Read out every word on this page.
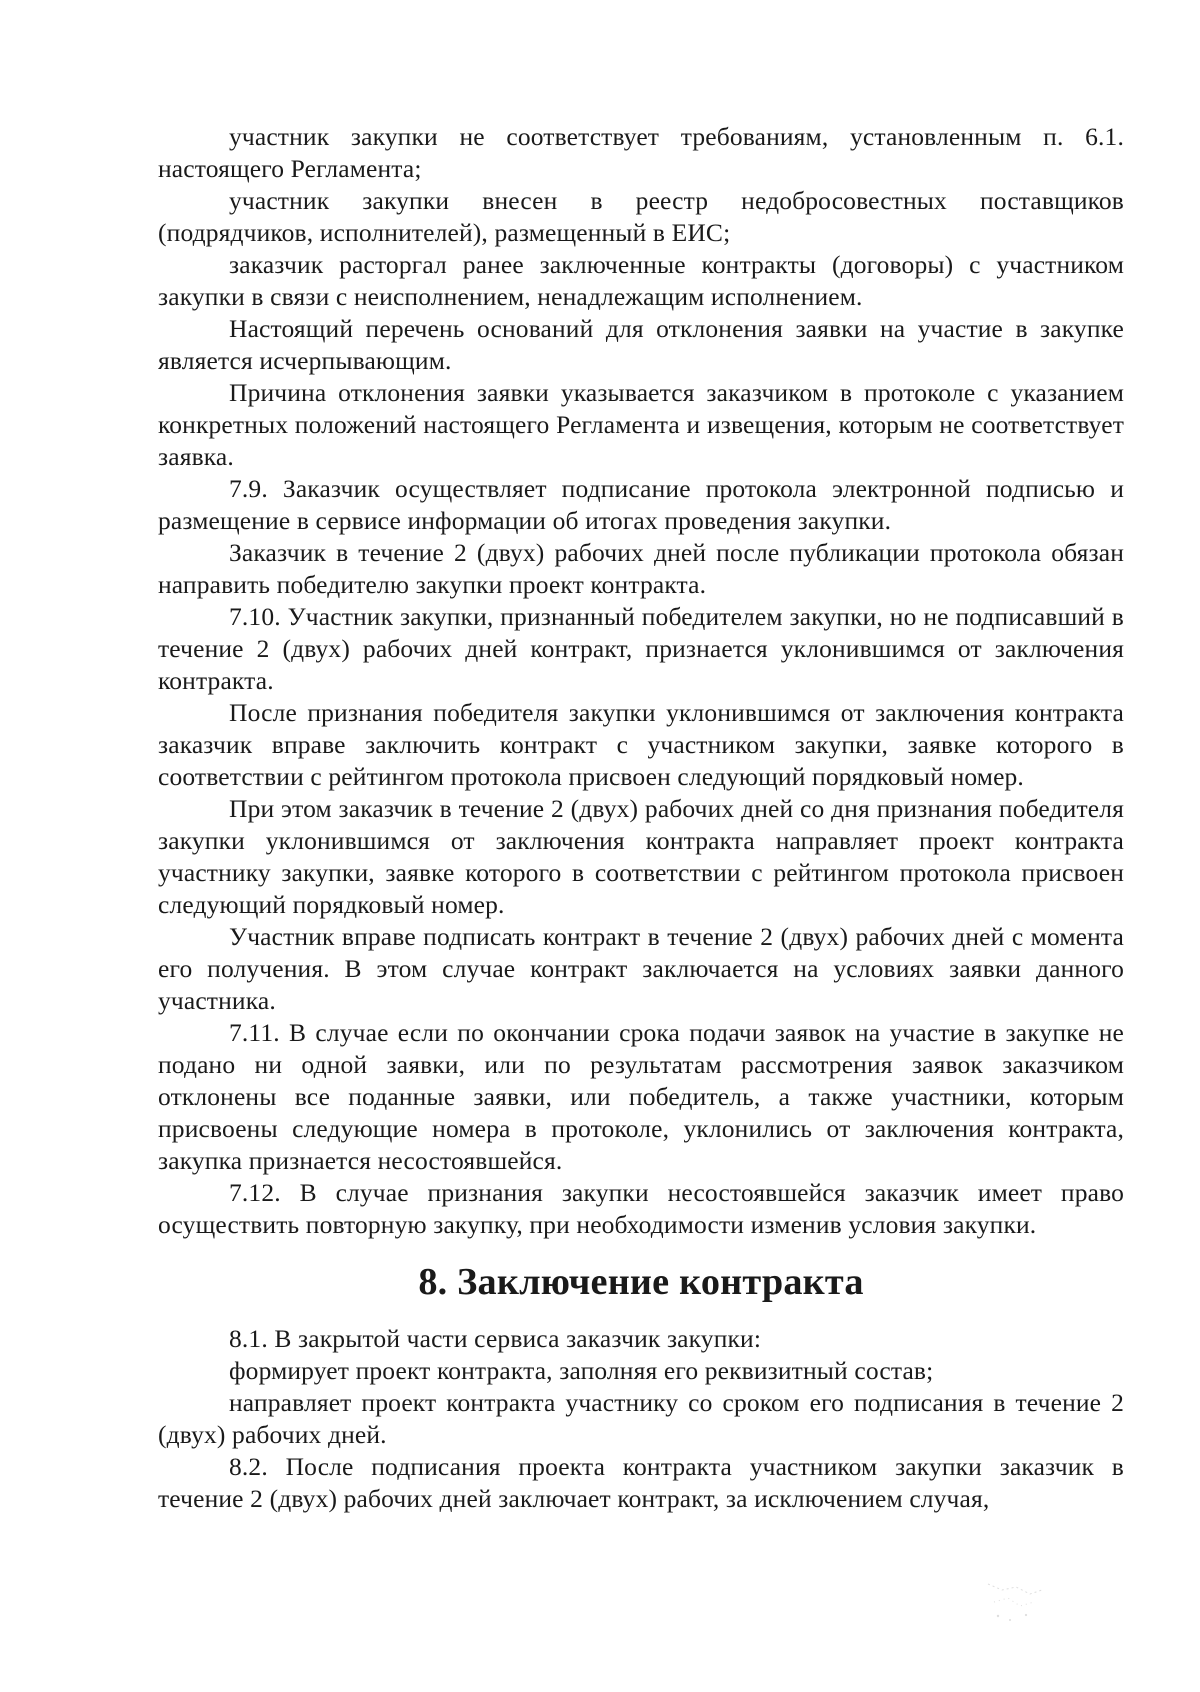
участник закупки не соответствует требованиям, установленным п. 6.1. настоящего Регламента;

участник закупки внесен в реестр недобросовестных поставщиков (подрядчиков, исполнителей), размещенный в ЕИС;

заказчик расторгал ранее заключенные контракты (договоры) с участником закупки в связи с неисполнением, ненадлежащим исполнением.

Настоящий перечень оснований для отклонения заявки на участие в закупке является исчерпывающим.

Причина отклонения заявки указывается заказчиком в протоколе с указанием конкретных положений настоящего Регламента и извещения, которым не соответствует заявка.

7.9. Заказчик осуществляет подписание протокола электронной подписью и размещение в сервисе информации об итогах проведения закупки.

Заказчик в течение 2 (двух) рабочих дней после публикации протокола обязан направить победителю закупки проект контракта.

7.10. Участник закупки, признанный победителем закупки, но не подписавший в течение 2 (двух) рабочих дней контракт, признается уклонившимся от заключения контракта.

После признания победителя закупки уклонившимся от заключения контракта заказчик вправе заключить контракт с участником закупки, заявке которого в соответствии с рейтингом протокола присвоен следующий порядковый номер.

При этом заказчик в течение 2 (двух) рабочих дней со дня признания победителя закупки уклонившимся от заключения контракта направляет проект контракта участнику закупки, заявке которого в соответствии с рейтингом протокола присвоен следующий порядковый номер.

Участник вправе подписать контракт в течение 2 (двух) рабочих дней с момента его получения. В этом случае контракт заключается на условиях заявки данного участника.

7.11. В случае если по окончании срока подачи заявок на участие в закупке не подано ни одной заявки, или по результатам рассмотрения заявок заказчиком отклонены все поданные заявки, или победитель, а также участники, которым присвоены следующие номера в протоколе, уклонились от заключения контракта, закупка признается несостоявшейся.

7.12. В случае признания закупки несостоявшейся заказчик имеет право осуществить повторную закупку, при необходимости изменив условия закупки.

8. Заключение контракта

8.1. В закрытой части сервиса заказчик закупки:

формирует проект контракта, заполняя его реквизитный состав;

направляет проект контракта участнику со сроком его подписания в течение 2 (двух) рабочих дней.

8.2. После подписания проекта контракта участником закупки заказчик в течение 2 (двух) рабочих дней заключает контракт, за исключением случая,
